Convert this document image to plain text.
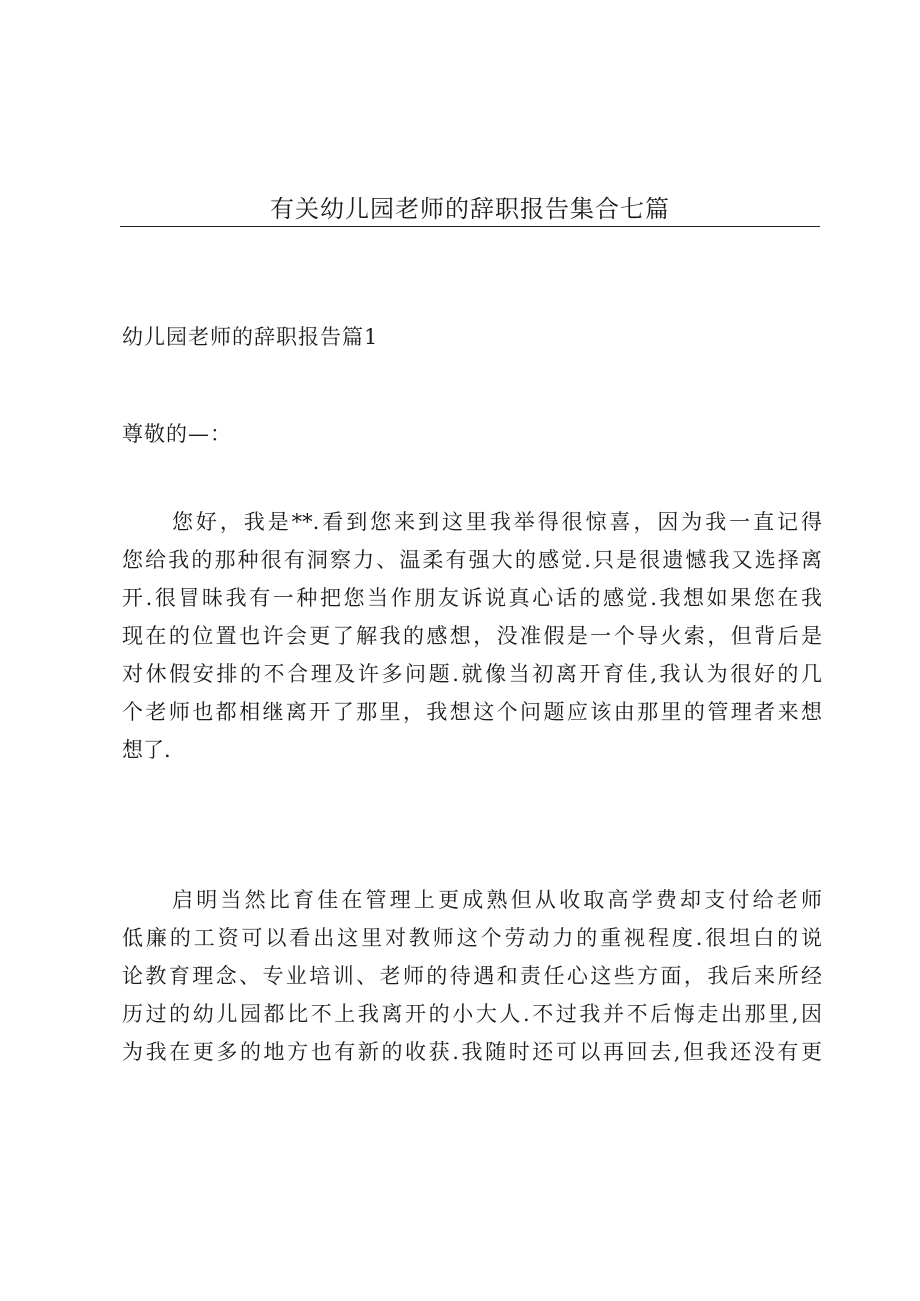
有关幼儿园老师的辞职报告集合七篇
幼儿园老师的辞职报告篇1
尊敬的—：
您好，我是**.看到您来到这里我举得很惊喜，因为我一直记得
您给我的那种很有洞察力、温柔有强大的感觉.只是很遗憾我又选择离
开.很冒昧我有一种把您当作朋友诉说真心话的感觉.我想如果您在我
现在的位置也许会更了解我的感想，没准假是一个导火索，但背后是
对休假安排的不合理及许多问题.就像当初离开育佳,我认为很好的几
个老师也都相继离开了那里，我想这个问题应该由那里的管理者来想
想了.
启明当然比育佳在管理上更成熟但从收取高学费却支付给老师
低廉的工资可以看出这里对教师这个劳动力的重视程度.很坦白的说
论教育理念、专业培训、老师的待遇和责任心这些方面，我后来所经
历过的幼儿园都比不上我离开的小大人.不过我并不后悔走出那里,因
为我在更多的地方也有新的收获.我随时还可以再回去,但我还没有更
